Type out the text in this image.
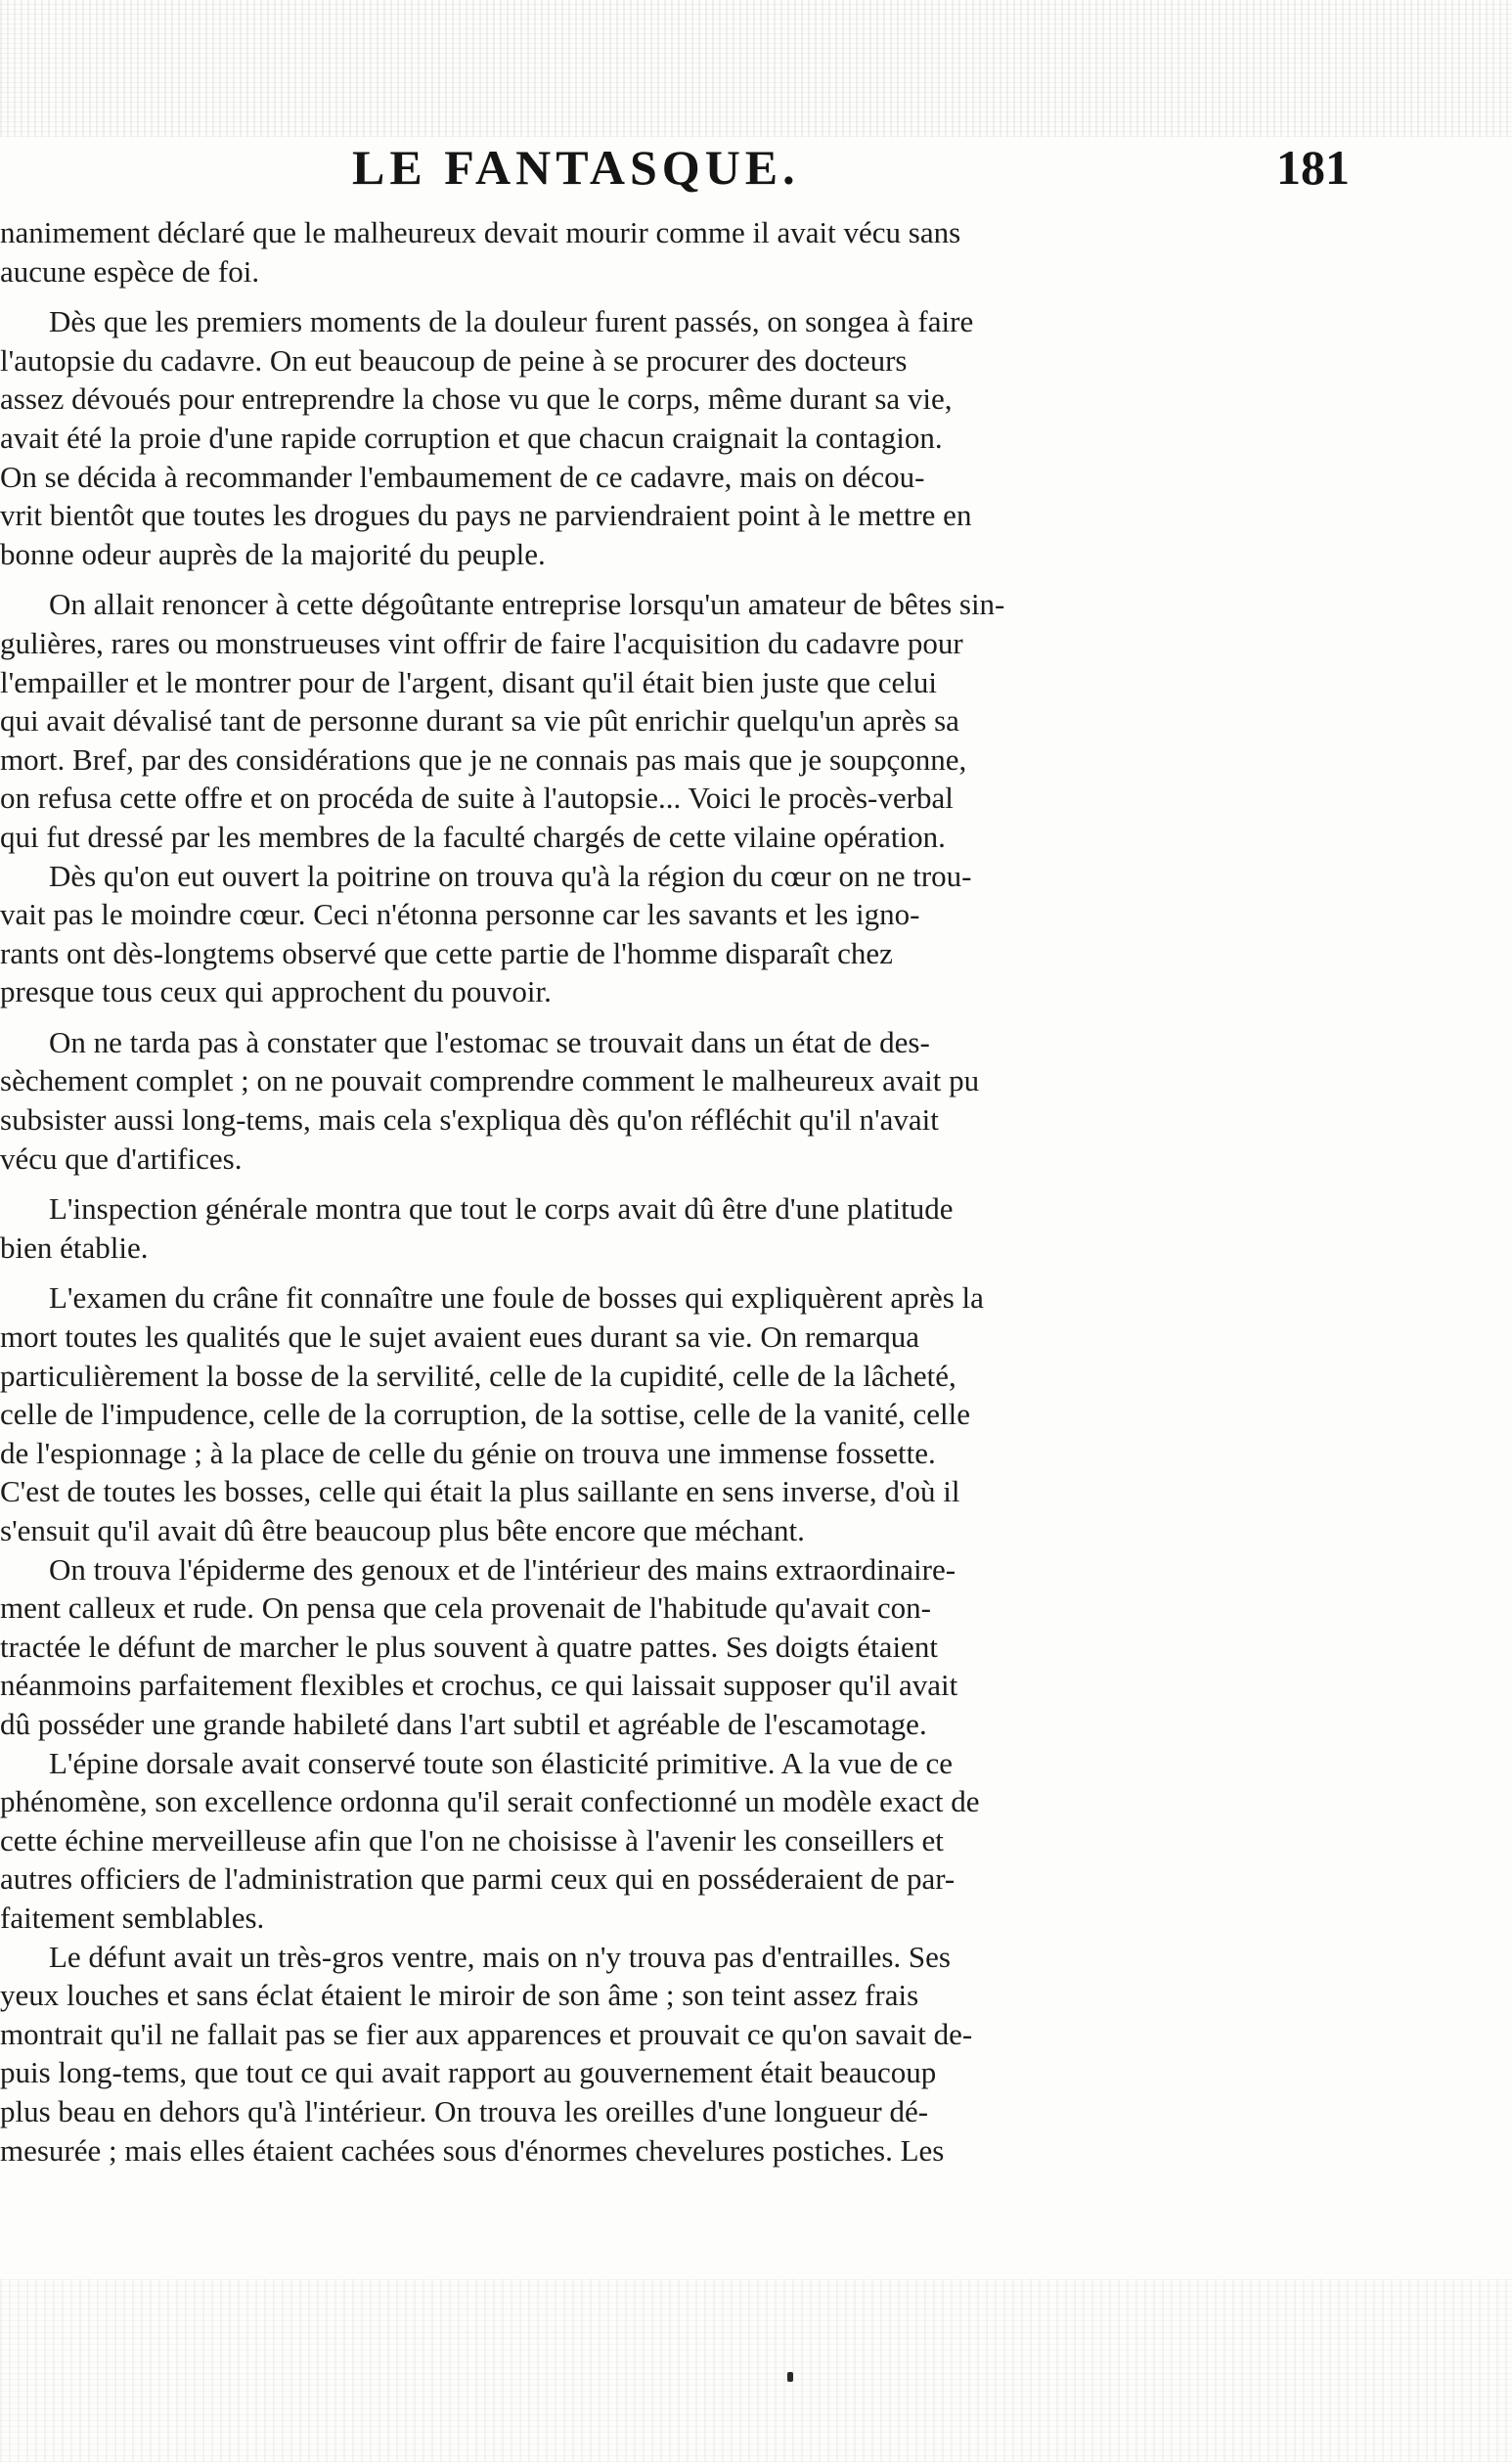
LE FANTASQUE.	181
nanimement déclaré que le malheureux devait mourir comme il avait vécu sans
aucune espèce de foi.
Dès que les premiers moments de la douleur furent passés, on songea à faire
l'autopsie du cadavre. On eut beaucoup de peine à se procurer des docteurs
assez dévoués pour entreprendre la chose vu que le corps, même durant sa vie,
avait été la proie d'une rapide corruption et que chacun craignait la contagion.
On se décida à recommander l'embaumement de ce cadavre, mais on décou-
vrit bientôt que toutes les drogues du pays ne parviendraient point à le mettre en
bonne odeur auprès de la majorité du peuple.
On allait renoncer à cette dégoûtante entreprise lorsqu'un amateur de bêtes sin-
gulières, rares ou monstrueuses vint offrir de faire l'acquisition du cadavre pour
l'empailler et le montrer pour de l'argent, disant qu'il était bien juste que celui
qui avait dévalisé tant de personne durant sa vie pût enrichir quelqu'un après sa
mort. Bref, par des considérations que je ne connais pas mais que je soupçonne,
on refusa cette offre et on procéda de suite à l'autopsie... Voici le procès-verbal
qui fut dressé par les membres de la faculté chargés de cette vilaine opération.
Dès qu'on eut ouvert la poitrine on trouva qu'à la région du cœur on ne trou-
vait pas le moindre cœur. Ceci n'étonna personne car les savants et les igno-
rants ont dès-longtems observé que cette partie de l'homme disparaît chez
presque tous ceux qui approchent du pouvoir.
On ne tarda pas à constater que l'estomac se trouvait dans un état de des-
sèchement complet ; on ne pouvait comprendre comment le malheureux avait pu
subsister aussi long-tems, mais cela s'expliqua dès qu'on réfléchit qu'il n'avait
vécu que d'artifices.
L'inspection générale montra que tout le corps avait dû être d'une platitude
bien établie.
L'examen du crâne fit connaître une foule de bosses qui expliquèrent après la
mort toutes les qualités que le sujet avaient eues durant sa vie. On remarqua
particulièrement la bosse de la servilité, celle de la cupidité, celle de la lâcheté,
celle de l'impudence, celle de la corruption, de la sottise, celle de la vanité, celle
de l'espionnage ; à la place de celle du génie on trouva une immense fossette.
C'est de toutes les bosses, celle qui était la plus saillante en sens inverse, d'où il
s'ensuit qu'il avait dû être beaucoup plus bête encore que méchant.
On trouva l'épiderme des genoux et de l'intérieur des mains extraordinaire-
ment calleux et rude. On pensa que cela provenait de l'habitude qu'avait con-
tractée le défunt de marcher le plus souvent à quatre pattes. Ses doigts étaient
néanmoins parfaitement flexibles et crochus, ce qui laissait supposer qu'il avait
dû posséder une grande habileté dans l'art subtil et agréable de l'escamotage.
L'épine dorsale avait conservé toute son élasticité primitive. A la vue de ce
phénomène, son excellence ordonna qu'il serait confectionné un modèle exact de
cette échine merveilleuse afin que l'on ne choisisse à l'avenir les conseillers et
autres officiers de l'administration que parmi ceux qui en posséderaient de par-
faitement semblables.
Le défunt avait un très-gros ventre, mais on n'y trouva pas d'entrailles. Ses
yeux louches et sans éclat étaient le miroir de son âme ; son teint assez frais
montrait qu'il ne fallait pas se fier aux apparences et prouvait ce qu'on savait de-
puis long-tems, que tout ce qui avait rapport au gouvernement était beaucoup
plus beau en dehors qu'à l'intérieur. On trouva les oreilles d'une longueur dé-
mesurée ; mais elles étaient cachées sous d'énormes chevelures postiches. Les
